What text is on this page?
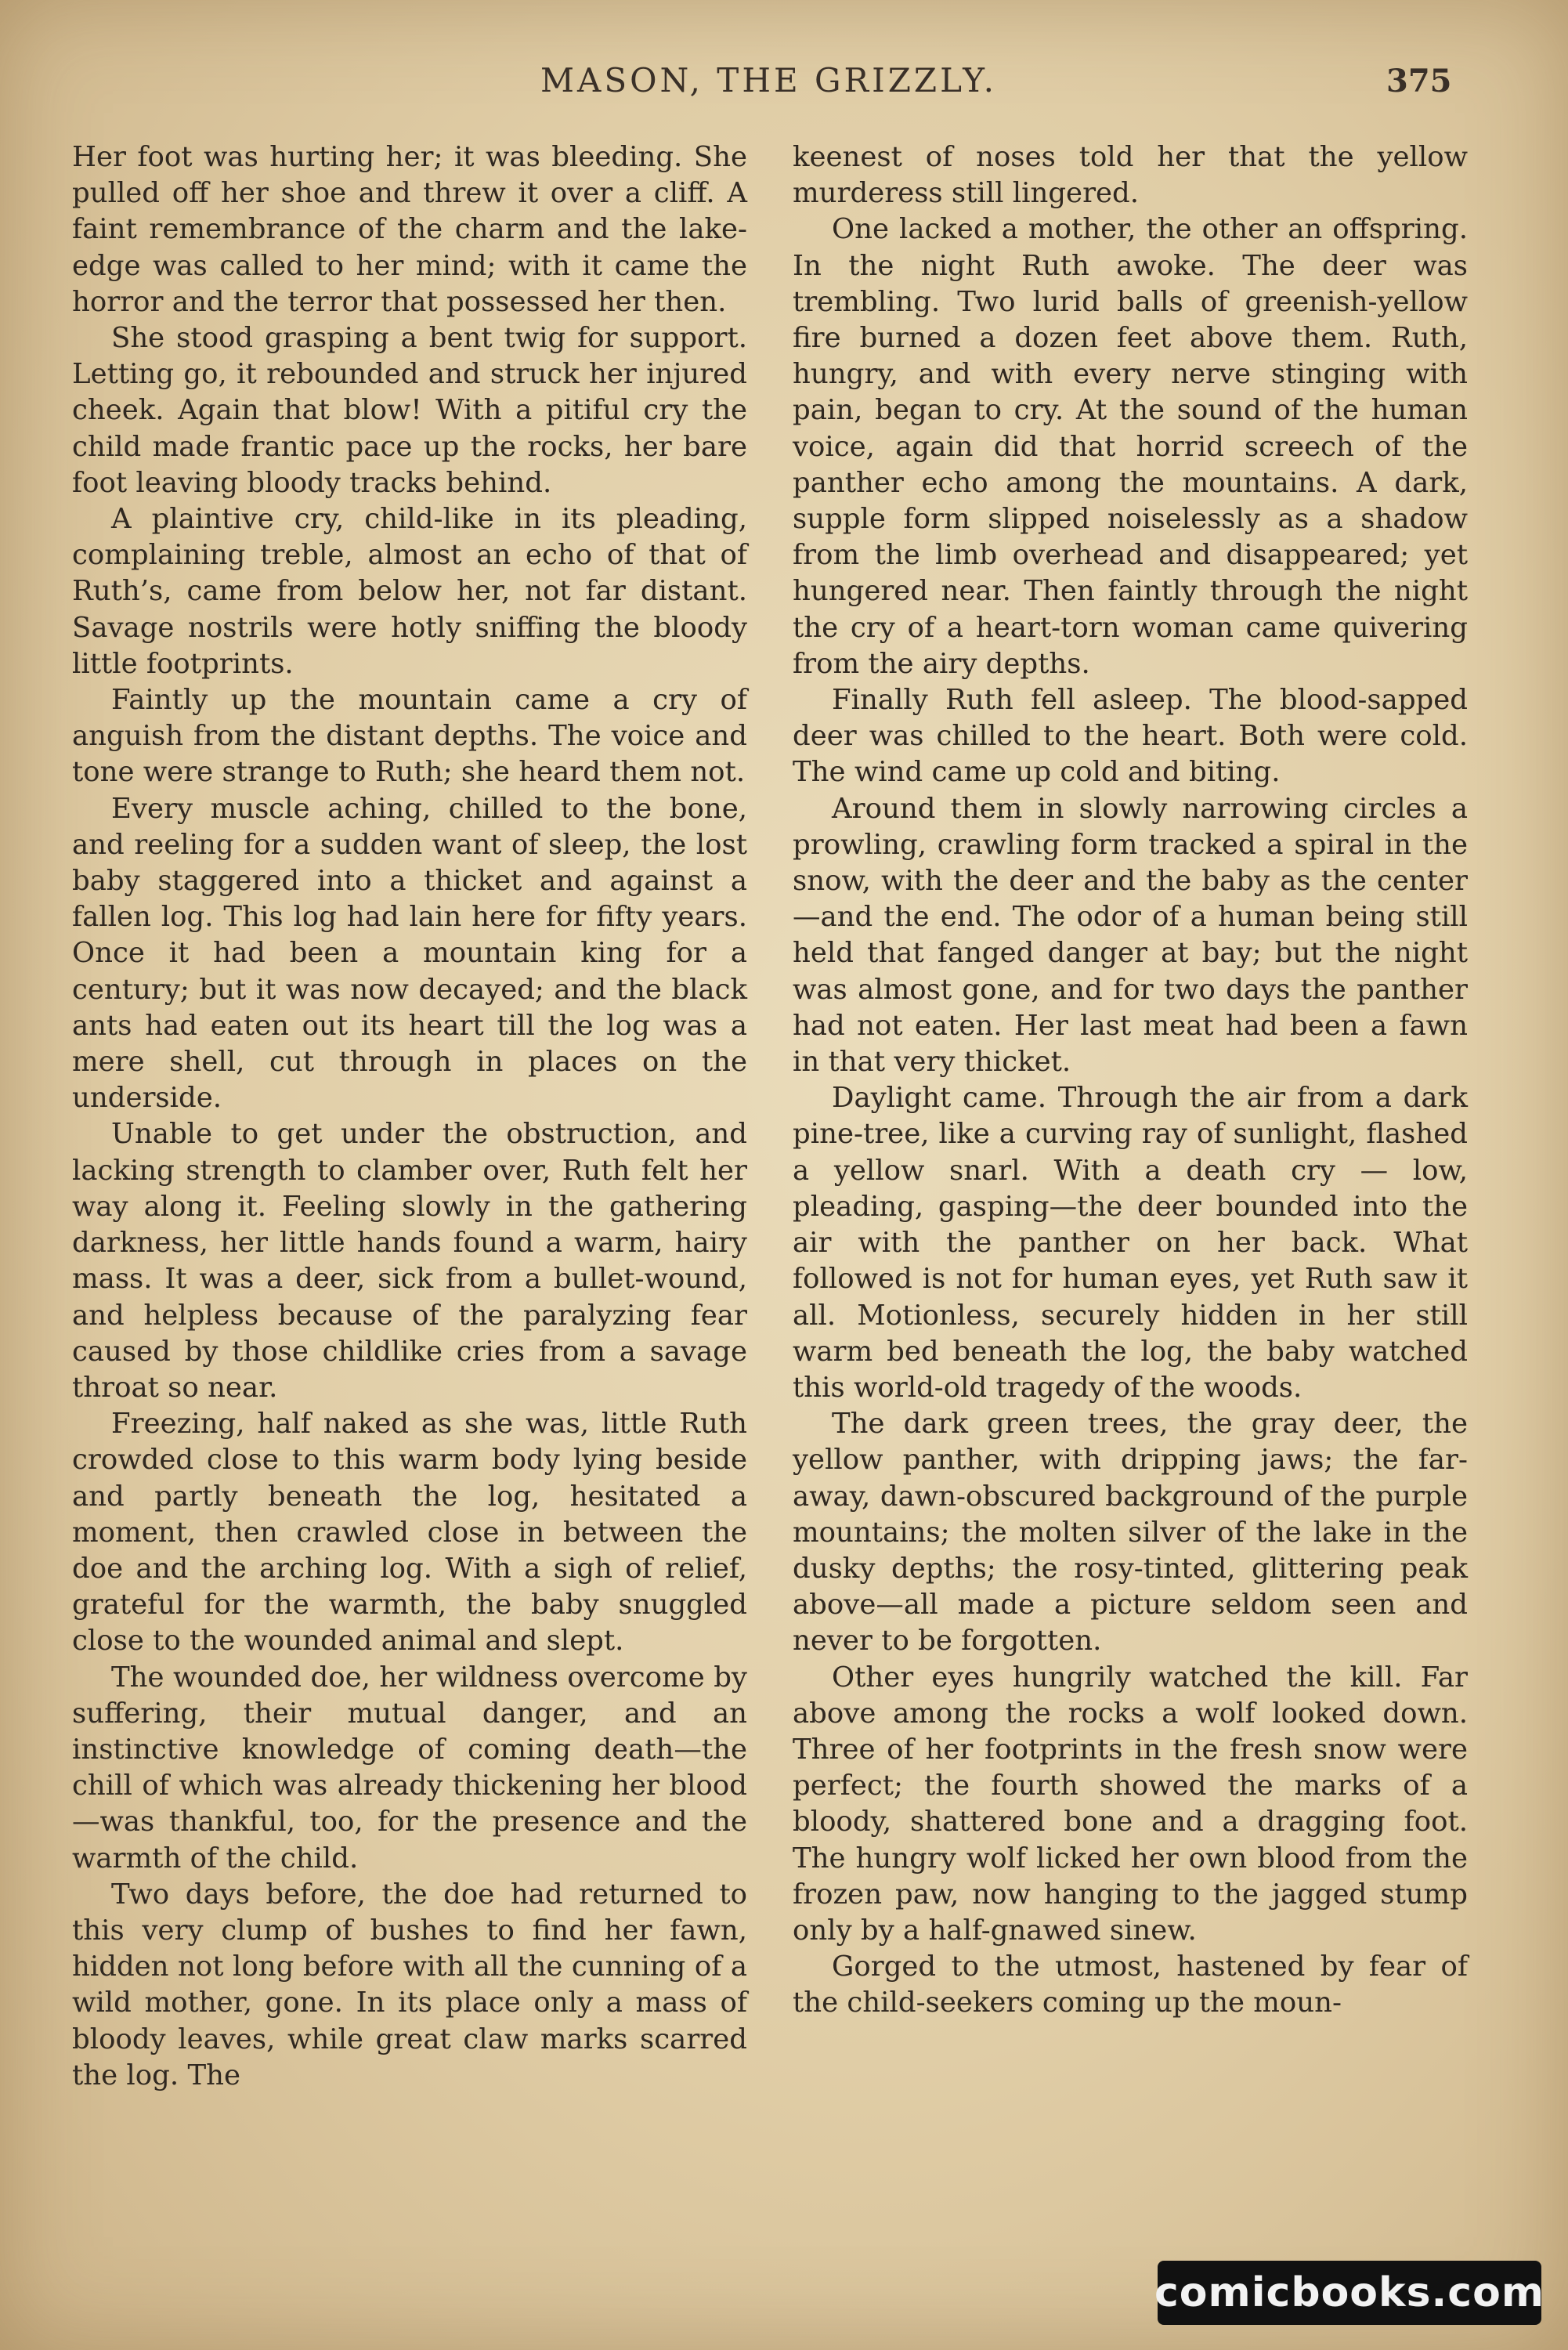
MASON, THE GRIZZLY.	375

Her foot was hurting her; it was bleeding. She pulled off her shoe and threw it over a cliff. A faint remembrance of the charm and the lake-edge was called to her mind; with it came the horror and the terror that possessed her then.

She stood grasping a bent twig for support. Letting go, it rebounded and struck her injured cheek. Again that blow! With a pitiful cry the child made frantic pace up the rocks, her bare foot leaving bloody tracks behind.

A plaintive cry, child-like in its pleading, complaining treble, almost an echo of that of Ruth’s, came from below her, not far distant. Savage nostrils were hotly sniffing the bloody little footprints.

Faintly up the mountain came a cry of anguish from the distant depths. The voice and tone were strange to Ruth; she heard them not.

Every muscle aching, chilled to the bone, and reeling for a sudden want of sleep, the lost baby staggered into a thicket and against a fallen log. This log had lain here for fifty years. Once it had been a mountain king for a century; but it was now decayed; and the black ants had eaten out its heart till the log was a mere shell, cut through in places on the underside.

Unable to get under the obstruction, and lacking strength to clamber over, Ruth felt her way along it. Feeling slowly in the gathering darkness, her little hands found a warm, hairy mass. It was a deer, sick from a bullet-wound, and helpless because of the paralyzing fear caused by those childlike cries from a savage throat so near.

Freezing, half naked as she was, little Ruth crowded close to this warm body lying beside and partly beneath the log, hesitated a moment, then crawled close in between the doe and the arching log. With a sigh of relief, grateful for the warmth, the baby snuggled close to the wounded animal and slept.

The wounded doe, her wildness overcome by suffering, their mutual danger, and an instinctive knowledge of coming death—the chill of which was already thickening her blood—was thankful, too, for the presence and the warmth of the child.

Two days before, the doe had returned to this very clump of bushes to find her fawn, hidden not long before with all the cunning of a wild mother, gone. In its place only a mass of bloody leaves, while great claw marks scarred the log. The

keenest of noses told her that the yellow murderess still lingered.

One lacked a mother, the other an offspring. In the night Ruth awoke. The deer was trembling. Two lurid balls of greenish-yellow fire burned a dozen feet above them. Ruth, hungry, and with every nerve stinging with pain, began to cry. At the sound of the human voice, again did that horrid screech of the panther echo among the mountains. A dark, supple form slipped noiselessly as a shadow from the limb overhead and disappeared; yet hungered near. Then faintly through the night the cry of a heart-torn woman came quivering from the airy depths.

Finally Ruth fell asleep. The blood-sapped deer was chilled to the heart. Both were cold. The wind came up cold and biting.

Around them in slowly narrowing circles a prowling, crawling form tracked a spiral in the snow, with the deer and the baby as the center—and the end. The odor of a human being still held that fanged danger at bay; but the night was almost gone, and for two days the panther had not eaten. Her last meat had been a fawn in that very thicket.

Daylight came. Through the air from a dark pine-tree, like a curving ray of sunlight, flashed a yellow snarl. With a death cry — low, pleading, gasping—the deer bounded into the air with the panther on her back. What followed is not for human eyes, yet Ruth saw it all. Motionless, securely hidden in her still warm bed beneath the log, the baby watched this world-old tragedy of the woods.

The dark green trees, the gray deer, the yellow panther, with dripping jaws; the far-away, dawn-obscured background of the purple mountains; the molten silver of the lake in the dusky depths; the rosy-tinted, glittering peak above—all made a picture seldom seen and never to be forgotten.

Other eyes hungrily watched the kill. Far above among the rocks a wolf looked down. Three of her footprints in the fresh snow were perfect; the fourth showed the marks of a bloody, shattered bone and a dragging foot. The hungry wolf licked her own blood from the frozen paw, now hanging to the jagged stump only by a half-gnawed sinew.

Gorged to the utmost, hastened by fear of the child-seekers coming up the moun-

comicbooks.com
